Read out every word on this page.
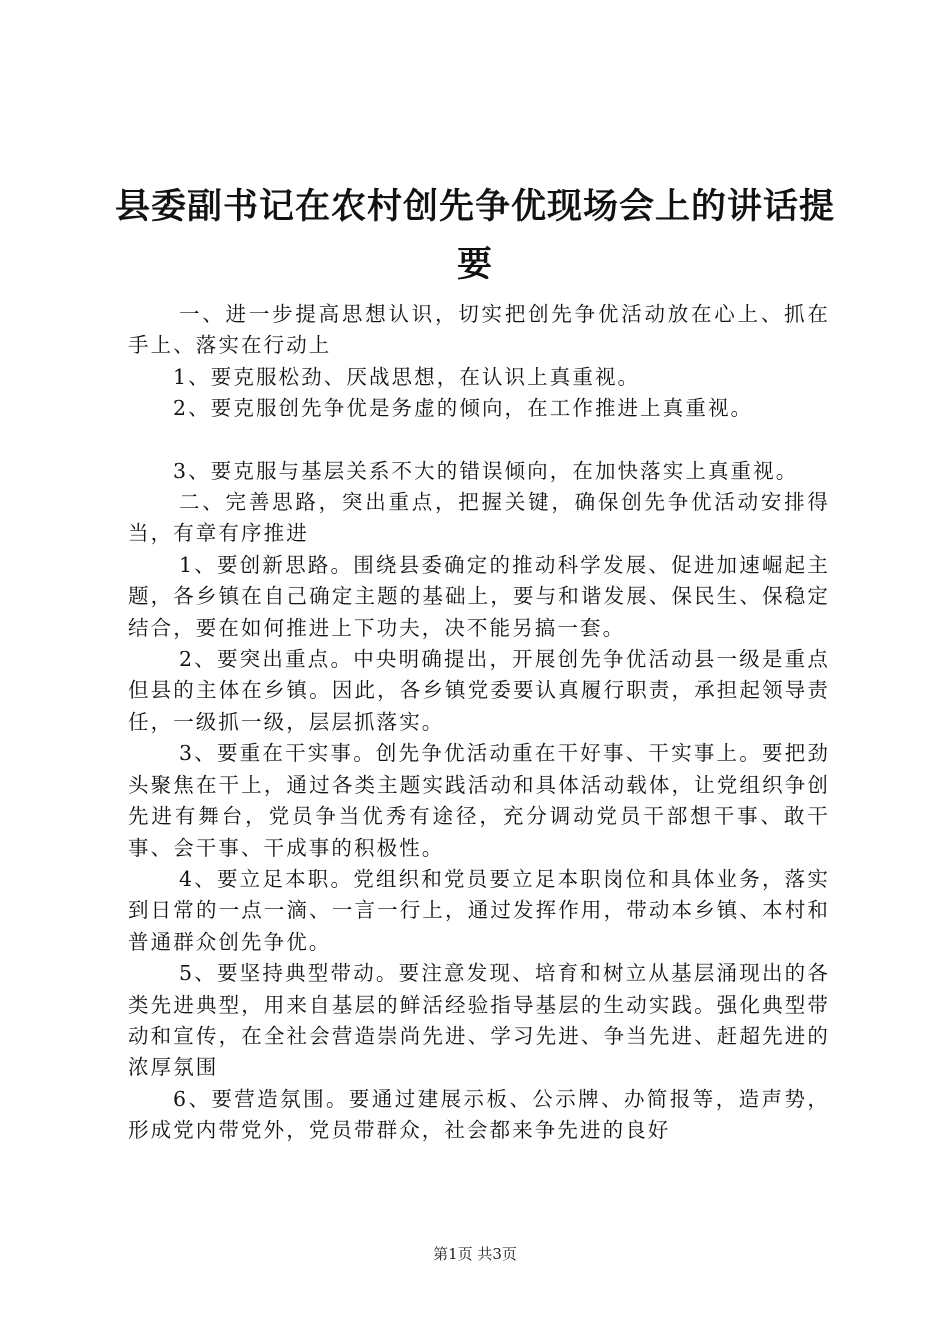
县委副书记在农村创先争优现场会上的讲话提要

一、进一步提高思想认识，切实把创先争优活动放在心上、抓在手上、落实在行动上

1、要克服松劲、厌战思想，在认识上真重视。

2、要克服创先争优是务虚的倾向，在工作推进上真重视。

3、要克服与基层关系不大的错误倾向，在加快落实上真重视。

二、完善思路，突出重点，把握关键，确保创先争优活动安排得当，有章有序推进

1、要创新思路。围绕县委确定的推动科学发展、促进加速崛起主题，各乡镇在自己确定主题的基础上，要与和谐发展、保民生、保稳定结合，要在如何推进上下功夫，决不能另搞一套。

2、要突出重点。中央明确提出，开展创先争优活动县一级是重点但县的主体在乡镇。因此，各乡镇党委要认真履行职责，承担起领导责任，一级抓一级，层层抓落实。

3、要重在干实事。创先争优活动重在干好事、干实事上。要把劲头聚焦在干上，通过各类主题实践活动和具体活动载体，让党组织争创先进有舞台，党员争当优秀有途径，充分调动党员干部想干事、敢干事、会干事、干成事的积极性。

4、要立足本职。党组织和党员要立足本职岗位和具体业务，落实到日常的一点一滴、一言一行上，通过发挥作用，带动本乡镇、本村和普通群众创先争优。

5、要坚持典型带动。要注意发现、培育和树立从基层涌现出的各类先进典型，用来自基层的鲜活经验指导基层的生动实践。强化典型带动和宣传，在全社会营造崇尚先进、学习先进、争当先进、赶超先进的浓厚氛围

6、要营造氛围。要通过建展示板、公示牌、办简报等，造声势，形成党内带党外，党员带群众，社会都来争先进的良好

第1页 共3页
